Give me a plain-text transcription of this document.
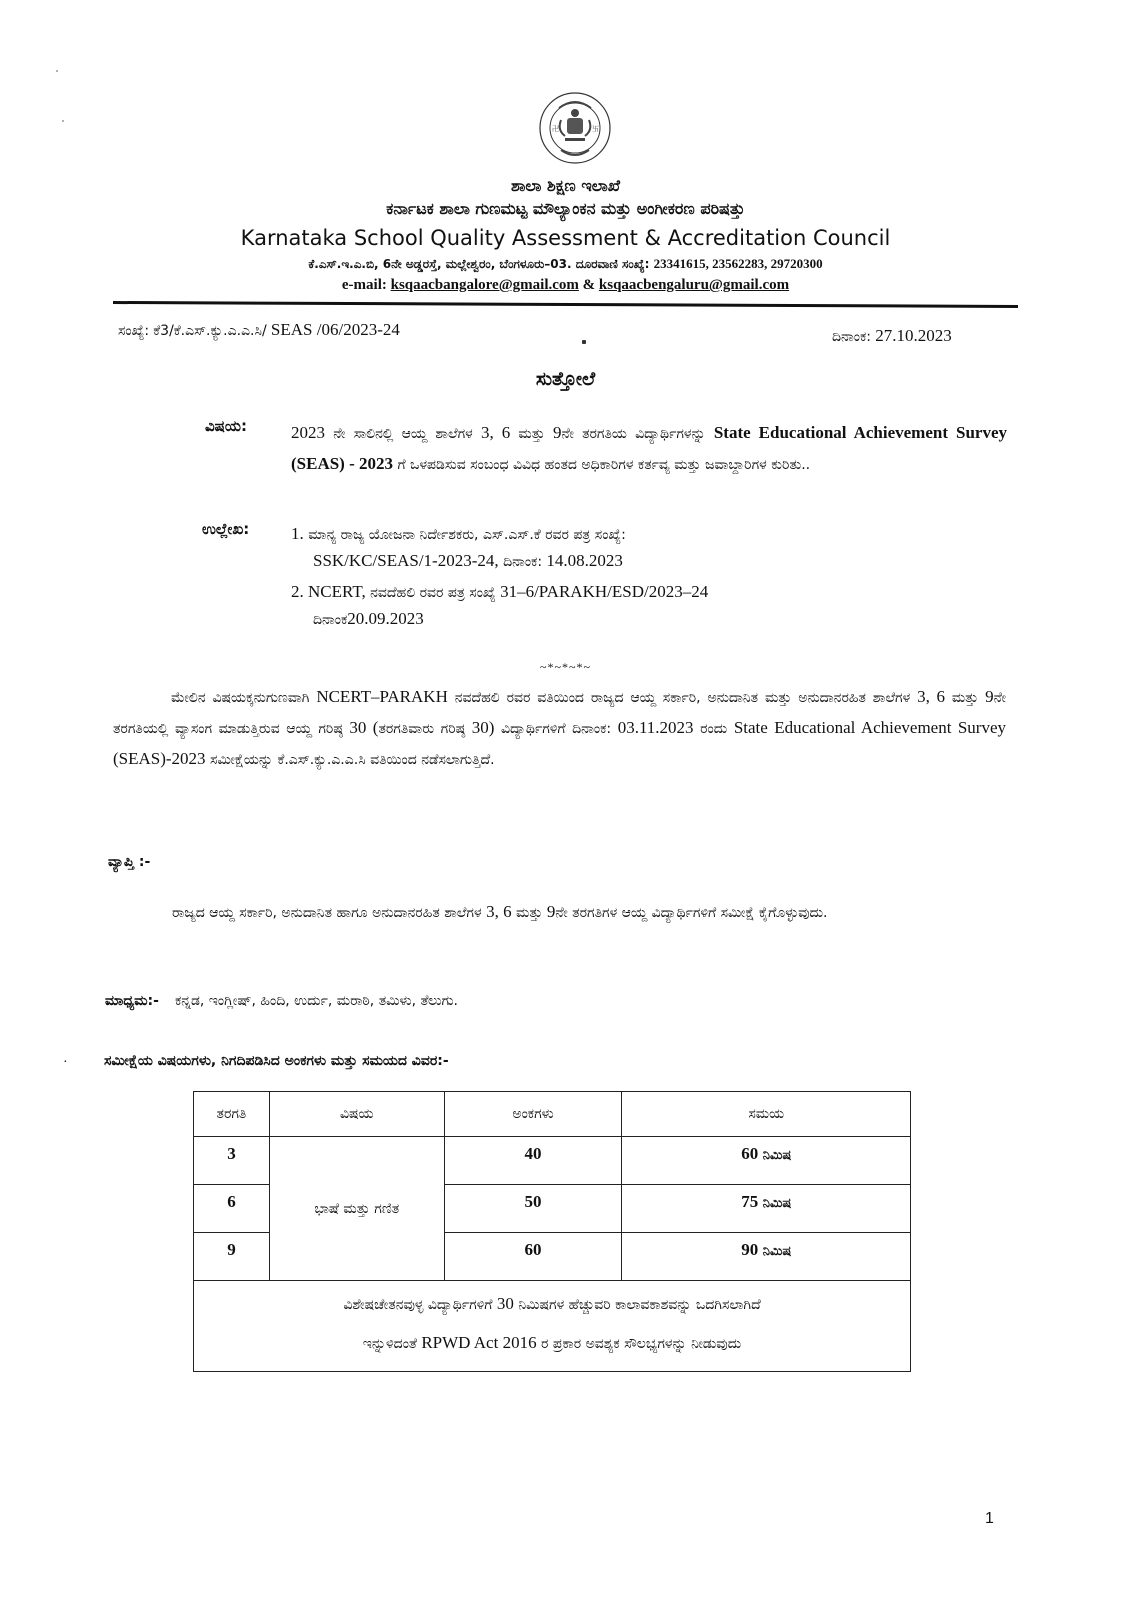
卍	卐
ಶಾಲಾ ಶಿಕ್ಷಣ ಇಲಾಖೆ
ಕರ್ನಾಟಕ ಶಾಲಾ ಗುಣಮಟ್ಟ ಮೌಲ್ಯಾಂಕನ ಮತ್ತು ಅಂಗೀಕರಣ ಪರಿಷತ್ತು
Karnataka School Quality Assessment & Accreditation Council
ಕೆ.ಎಸ್.ಇ.ಎ.ಬಿ, 6ನೇ ಅಡ್ಡರಸ್ತೆ, ಮಲ್ಲೇಶ್ವರಂ, ಬೆಂಗಳೂರು–03. ದೂರವಾಣಿ ಸಂಖ್ಯೆ: 23341615, 23562283, 29720300
e-mail: ksqaacbangalore@gmail.com & ksqaacbengaluru@gmail.com
ಸಂಖ್ಯೆ: ಕೆ3/ಕೆ.ಎಸ್.ಕ್ಯು.ಎ.ಎ.ಸಿ/ SEAS /06/2023-24	ದಿನಾಂಕ: 27.10.2023
ಸುತ್ತೋಲೆ
ವಿಷಯ:	2023 ನೇ ಸಾಲಿನಲ್ಲಿ ಆಯ್ದ ಶಾಲೆಗಳ 3, 6 ಮತ್ತು 9ನೇ ತರಗತಿಯ ವಿದ್ಯಾರ್ಥಿಗಳನ್ನು State Educational Achievement Survey (SEAS) - 2023 ಗೆ ಒಳಪಡಿಸುವ ಸಂಬಂಧ ವಿವಿಧ ಹಂತದ ಅಧಿಕಾರಿಗಳ ಕರ್ತವ್ಯ ಮತ್ತು ಜವಾಬ್ದಾರಿಗಳ ಕುರಿತು..
ಉಲ್ಲೇಖ: 1. ಮಾನ್ಯ ರಾಜ್ಯ ಯೋಜನಾ ನಿರ್ದೇಶಕರು, ಎಸ್.ಎಸ್.ಕೆ ರವರ ಪತ್ರ ಸಂಖ್ಯೆ:
SSK/KC/SEAS/1-2023-24, ದಿನಾಂಕ: 14.08.2023
2. NCERT, ನವದೆಹಲಿ ರವರ ಪತ್ರ ಸಂಖ್ಯೆ 31–6/PARAKH/ESD/2023–24
ದಿನಾಂಕ20.09.2023
~*~*~*~
ಮೇಲಿನ ವಿಷಯಕ್ಕನುಗುಣವಾಗಿ NCERT–PARAKH ನವದೆಹಲಿ ರವರ ವತಿಯಿಂದ ರಾಜ್ಯದ ಆಯ್ದ ಸರ್ಕಾರಿ, ಅನುದಾನಿತ ಮತ್ತು ಅನುದಾನರಹಿತ ಶಾಲೆಗಳ 3, 6 ಮತ್ತು 9ನೇ ತರಗತಿಯಲ್ಲಿ ವ್ಯಾಸಂಗ ಮಾಡುತ್ತಿರುವ ಆಯ್ದ ಗರಿಷ್ಠ 30 (ತರಗತಿವಾರು ಗರಿಷ್ಠ 30) ವಿದ್ಯಾರ್ಥಿಗಳಿಗೆ ದಿನಾಂಕ: 03.11.2023 ರಂದು State Educational Achievement Survey (SEAS)-2023 ಸಮೀಕ್ಷೆಯನ್ನು ಕೆ.ಎಸ್.ಕ್ಯು.ಎ.ಎ.ಸಿ ವತಿಯಿಂದ ನಡೆಸಲಾಗುತ್ತಿದೆ.
ವ್ಯಾಪ್ತಿ :-
ರಾಜ್ಯದ ಆಯ್ದ ಸರ್ಕಾರಿ, ಅನುದಾನಿತ ಹಾಗೂ ಅನುದಾನರಹಿತ ಶಾಲೆಗಳ 3, 6 ಮತ್ತು 9ನೇ ತರಗತಿಗಳ ಆಯ್ದ ವಿದ್ಯಾರ್ಥಿಗಳಿಗೆ ಸಮೀಕ್ಷೆ ಕೈಗೊಳ್ಳುವುದು.
ಮಾಧ್ಯಮ:- ಕನ್ನಡ, ಇಂಗ್ಲೀಷ್, ಹಿಂದಿ, ಉರ್ದು, ಮರಾಠಿ, ತಮಿಳು, ತೆಲುಗು.
·	ಸಮೀಕ್ಷೆಯ ವಿಷಯಗಳು, ನಿಗದಿಪಡಿಸಿದ ಅಂಕಗಳು ಮತ್ತು ಸಮಯದ ವಿವರ:-
ತರಗತಿ	ವಿಷಯ	ಅಂಕಗಳು	ಸಮಯ
3	ಭಾಷೆ ಮತ್ತು ಗಣಿತ	40	60 ನಿಮಿಷ
6		50	75 ನಿಮಿಷ
9		60	90 ನಿಮಿಷ

ವಿಶೇಷಚೇತನವುಳ್ಳ ವಿದ್ಯಾರ್ಥಿಗಳಿಗೆ 30 ನಿಮಿಷಗಳ ಹೆಚ್ಚುವರಿ ಕಾಲಾವಕಾಶವನ್ನು ಒದಗಿಸಲಾಗಿದೆ
ಇನ್ನುಳಿದಂತೆ RPWD Act 2016 ರ ಪ್ರಕಾರ ಅವಶ್ಯಕ ಸೌಲಭ್ಯಗಳನ್ನು ನೀಡುವುದು			
1
